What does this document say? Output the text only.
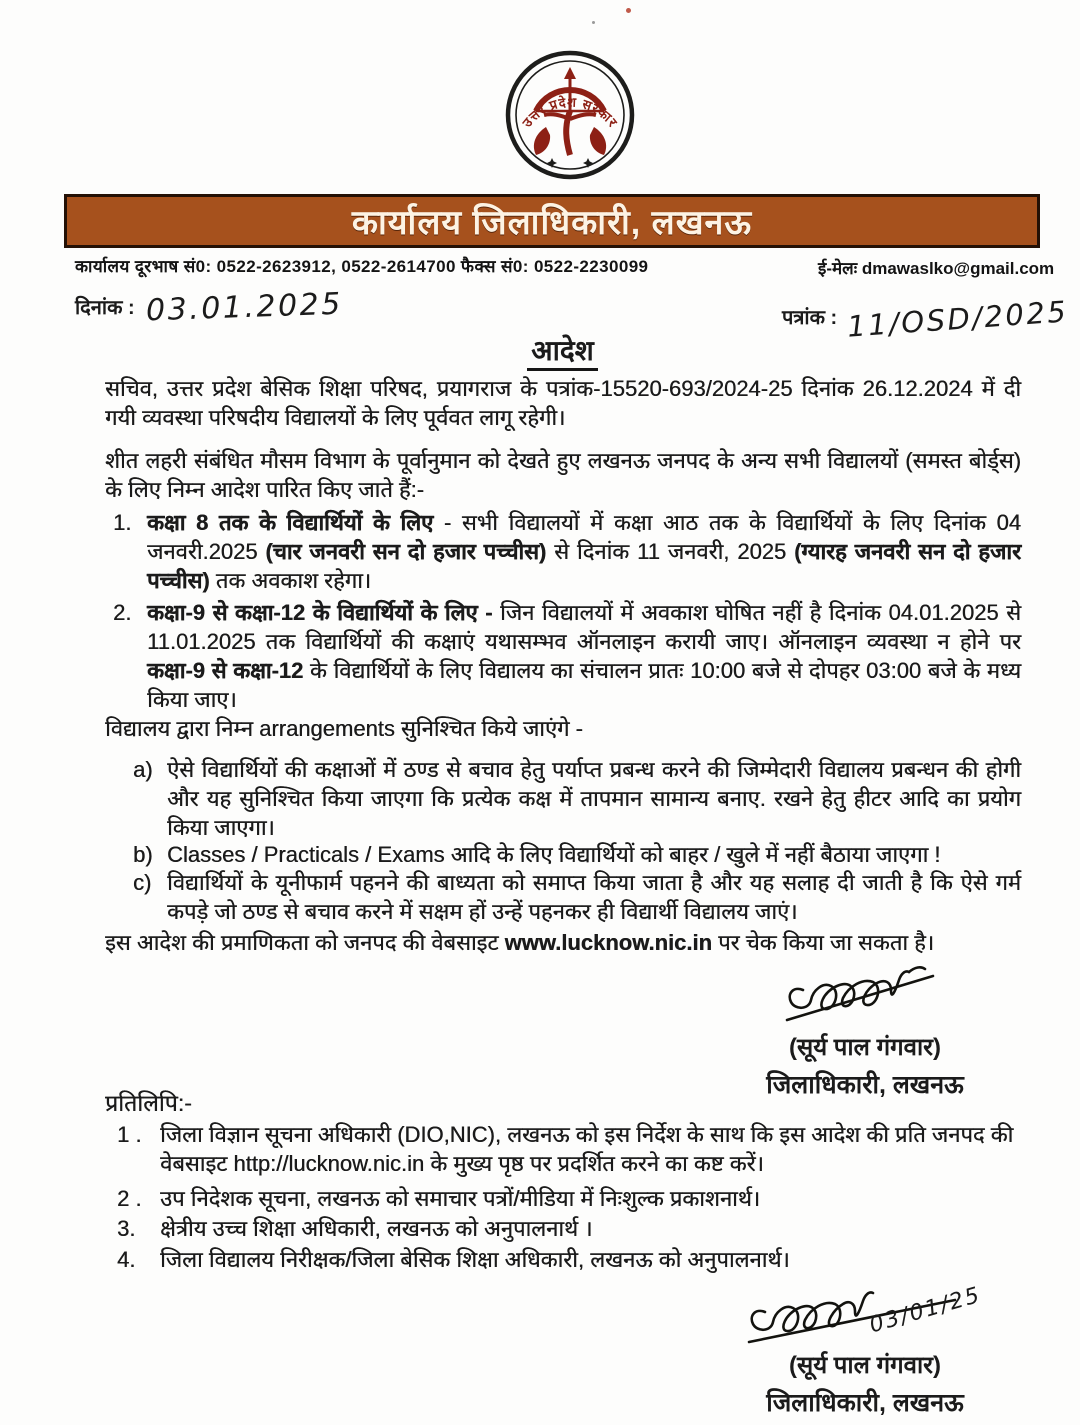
उत्तर प्रदेश सरकार
कार्यालय जिलाधिकारी, लखनऊ
कार्यालय दूरभाष सं0: 0522-2623912, 0522-2614700 फैक्स सं0: 0522-2230099	ई-मेलः dmawaslko@gmail.com
दिनांक : 03.01.2025	पत्रांक : 11/OSD/2025
आदेश
सचिव, उत्तर प्रदेश बेसिक शिक्षा परिषद, प्रयागराज के पत्रांक-15520-693/2024-25 दिनांक 26.12.2024 में दी गयी व्यवस्था परिषदीय विद्यालयों के लिए पूर्ववत लागू रहेगी।
शीत लहरी संबंधित मौसम विभाग के पूर्वानुमान को देखते हुए लखनऊ जनपद के अन्य सभी विद्यालयों (समस्त बोर्ड्स) के लिए निम्न आदेश पारित किए जाते हैं:-
1. कक्षा 8 तक के विद्यार्थियों के लिए - सभी विद्यालयों में कक्षा आठ तक के विद्यार्थियों के लिए दिनांक 04 जनवरी.2025 (चार जनवरी सन दो हजार पच्चीस) से दिनांक 11 जनवरी, 2025 (ग्यारह जनवरी सन दो हजार पच्चीस) तक अवकाश रहेगा।
2. कक्षा-9 से कक्षा-12 के विद्यार्थियों के लिए - जिन विद्यालयों में अवकाश घोषित नहीं है दिनांक 04.01.2025 से 11.01.2025 तक विद्यार्थियों की कक्षाएं यथासम्भव ऑनलाइन करायी जाए। ऑनलाइन व्यवस्था न होने पर कक्षा-9 से कक्षा-12 के विद्यार्थियों के लिए विद्यालय का संचालन प्रातः 10:00 बजे से दोपहर 03:00 बजे के मध्य किया जाए।
विद्यालय द्वारा निम्न arrangements सुनिश्चित किये जाएंगे -
a) ऐसे विद्यार्थियों की कक्षाओं में ठण्ड से बचाव हेतु पर्याप्त प्रबन्ध करने की जिम्मेदारी विद्यालय प्रबन्धन की होगी और यह सुनिश्चित किया जाएगा कि प्रत्येक कक्ष में तापमान सामान्य बनाए. रखने हेतु हीटर आदि का प्रयोग किया जाएगा।
b) Classes / Practicals / Exams आदि के लिए विद्यार्थियों को बाहर / खुले में नहीं बैठाया जाएगा !
c) विद्यार्थियों के यूनीफार्म पहनने की बाध्यता को समाप्त किया जाता है और यह सलाह दी जाती है कि ऐसे गर्म कपड़े जो ठण्ड से बचाव करने में सक्षम हों उन्हें पहनकर ही विद्यार्थी विद्यालय जाएं।
इस आदेश की प्रमाणिकता को जनपद की वेबसाइट www.lucknow.nic.in पर चेक किया जा सकता है।
(सूर्य पाल गंगवार)
जिलाधिकारी, लखनऊ
प्रतिलिपि:-
1 . जिला विज्ञान सूचना अधिकारी (DIO,NIC), लखनऊ को इस निर्देश के साथ कि इस आदेश की प्रति जनपद की वेबसाइट http://lucknow.nic.in के मुख्य पृष्ठ पर प्रदर्शित करने का कष्ट करें।
2 . उप निदेशक सूचना, लखनऊ को समाचार पत्रों/मीडिया में निःशुल्क प्रकाशनार्थ।
3. क्षेत्रीय उच्च शिक्षा अधिकारी, लखनऊ को अनुपालनार्थ ।
4. जिला विद्यालय निरीक्षक/जिला बेसिक शिक्षा अधिकारी, लखनऊ को अनुपालनार्थ।
03/01/25
(सूर्य पाल गंगवार)
जिलाधिकारी, लखनऊ
